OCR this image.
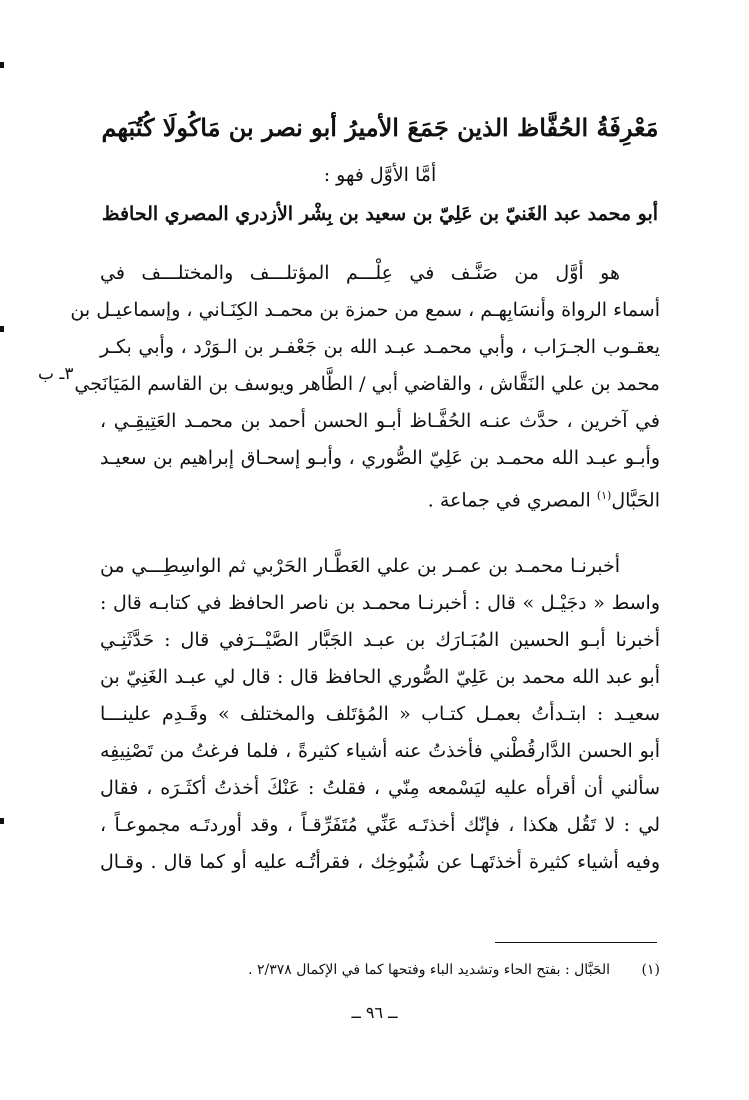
مَعْرِفَةُ الحُفَّاظ الذين جَمَعَ الأميرُ أبو نصر بن مَاكُولَا كُتُبَهم
أمَّا الأوَّل فهو :
أبو محمد عبد الغَنيّ بن عَلِيّ بن سعيد بن بِشْر الأزدري المصري الحافظ
هو أوَّل من صَنَّـف في عِلْـــم المؤتلـــف والمختلـــف في
أسماء الرواة وأنسَابِهـم ، سمع من حمزة بن محمـد الكِنَـاني ، وإسماعيـل بن
يعقـوب الجـرَاب ، وأبي محمـد عبـد الله بن جَعْفـر بن الـوَرْد ، وأبي بكـر
محمد بن علي النَقَّاش ، والقاضي أبي / الطَّاهر ويوسف بن القاسم المَيَانَجي
في آخرين ، حدَّث عنـه الحُفَّـاظ أبـو الحسن أحمد بن محمـد العَتِيقِـي ،
وأبـو عبـد الله محمـد بن عَلِيّ الصُّوري ، وأبـو إسحـاق إبراهيم بن سعيـد
الحَبَّال$^{(١)}$ المصري في جماعة .
٣ـ ب
أخبرنـا محمـد بن عمـر بن علي العَطَّـار الحَرْبي ثم الواسِطِـــي من
واسط « دجَيْـل » قال : أخبرنـا محمـد بن ناصر الحافظ في كتابـه قال :
أخبرنا أبـو الحسين المُبَـارَك بن عبـد الجَبَّار الصَّيْــرَفي قال : حَدَّثَنِـي
أبو عبد الله محمد بن عَلِيّ الصُّوري الحافظ قال : قال لي عبـد الغَنِيّ بن
سعيـد : ابتـدأتُ بعمـل كتـاب « المُؤتَلف والمختلف » وقَـدِم علينـــا
أبو الحسن الدَّارقُطْني فأخذتُ عنه أشياء كثيرةً ، فلما فرغتُ من تَصْنِيفِه
سألني أن أقرأه عليه ليَسْمعه مِنّي ، فقلتُ : عَنْكَ أخذتُ أكثَـرَه ، فقال
لي : لا تَقُل هكذا ، فإنّك أخذتَـه عَنِّي مُتَفَرِّقـاً ، وقد أوردتَـه مجموعـاً ،
وفيه أشياء كثيرة أخذتَهـا عن شُيُوخِك ، فقرأتُـه عليه أو كما قال . وقـال
(١)الحَبَّال : بفتح الحاء وتشديد الباء وفتحها كما في الإكمال ٢/٣٧٨ .
ــ ٩٦ ــ
